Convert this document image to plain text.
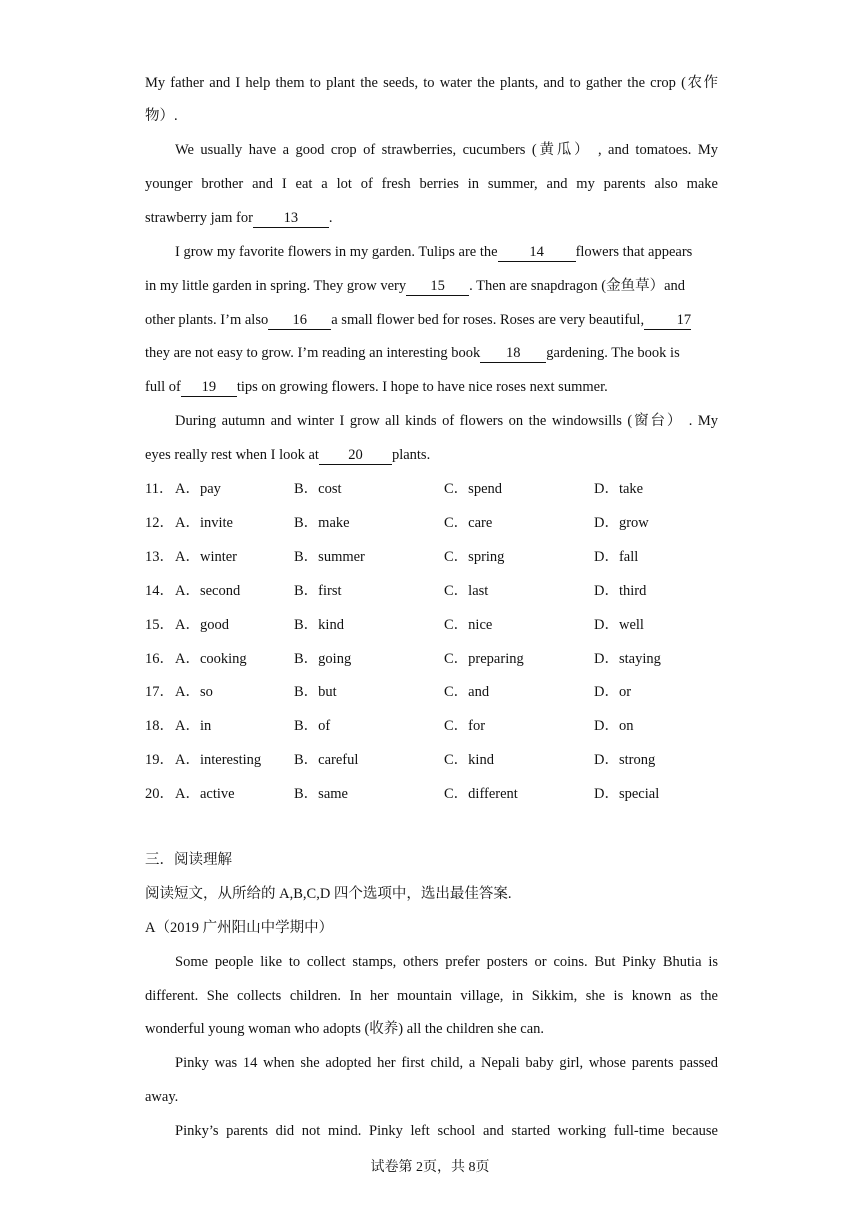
My father and I help them to plant the seeds, to water the plants, and to gather the crop (农作
物）.
We usually have a good crop of strawberries, cucumbers (黄瓜） , and tomatoes. My
younger brother and I eat a lot of fresh berries in summer, and my parents also make
strawberry jam for 13 .
I grow my favorite flowers in my garden. Tulips are the 14 flowers that appears
in my little garden in spring. They grow very 15 . Then are snapdragon (金鱼草）and
other plants. I’m also 16 a small flower bed for roses. Roses are very beautiful, 17
they are not easy to grow. I’m reading an interesting book 18 gardening. The book is
full of 19 tips on growing flowers. I hope to have nice roses next summer.
During autumn and winter I grow all kinds of flowers on the windowsills (窗台） . My
eyes really rest when I look at 20 plants.
11． A．pay	B．cost	C．spend	D．take
12． A．invite	B．make	C．care	D．grow
13． A．winter	B．summer	C．spring	D．fall
14． A．second	B．first	C．last	D．third
15． A．good	B．kind	C．nice	D．well
16． A．cooking	B．going	C．preparing	D．staying
17． A．so	B．but	C．and	D．or
18． A．in	B．of	C．for	D．on
19． A．interesting B．careful	C．kind	D．strong
20． A．active	B．same	C．different	D．special
三．阅读理解
阅读短文，从所给的 A,B,C,D 四个选项中，选出最佳答案.
A（2019 广州阳山中学期中）
Some people like to collect stamps, others prefer posters or coins. But Pinky Bhutia is
different. She collects children. In her mountain village, in Sikkim, she is known as the
wonderful young woman who adopts (收养) all the children she can.
Pinky was 14 when she adopted her first child, a Nepali baby girl, whose parents passed
away.
Pinky’s parents did not mind. Pinky left school and started working full-time because
试卷第 2页，共 8页
